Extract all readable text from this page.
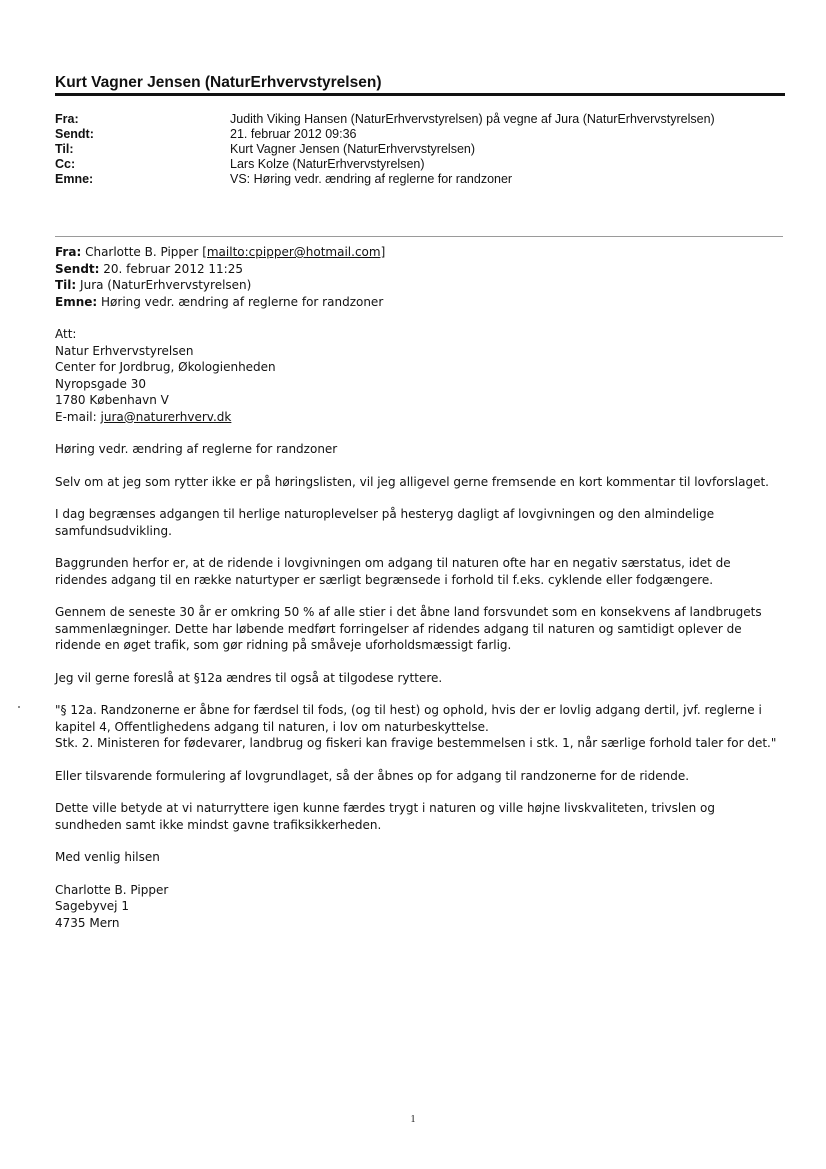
Kurt Vagner Jensen (NaturErhvervstyrelsen)
Fra:	Judith Viking Hansen (NaturErhvervstyrelsen) på vegne af Jura (NaturErhvervstyrelsen)
Sendt:	21. februar 2012 09:36
Til:	Kurt Vagner Jensen (NaturErhvervstyrelsen)
Cc:	Lars Kolze (NaturErhvervstyrelsen)
Emne:	VS: Høring vedr. ændring af reglerne for randzoner

Fra: Charlotte B. Pipper [mailto:cpipper@hotmail.com]

Sendt: 20. februar 2012 11:25

Til: Jura (NaturErhvervstyrelsen)

Emne: Høring vedr. ændring af reglerne for randzoner

Att:

Natur Erhvervstyrelsen

Center for Jordbrug, Økologienheden

Nyropsgade 30

1780 København V

E-mail: jura@naturerhverv.dk

Høring vedr. ændring af reglerne for randzoner

Selv om at jeg som rytter ikke er på høringslisten, vil jeg alligevel gerne fremsende en kort kommentar til lovforslaget.

I dag begrænses adgangen til herlige naturoplevelser på hesteryg dagligt af lovgivningen og den almindelige samfundsudvikling.

Baggrunden herfor er, at de ridende i lovgivningen om adgang til naturen ofte har en negativ særstatus, idet de ridendes adgang til en række naturtyper er særligt begrænsede i forhold til f.eks. cyklende eller fodgængere.

Gennem de seneste 30 år er omkring 50 % af alle stier i det åbne land forsvundet som en konsekvens af landbrugets sammenlægninger. Dette har løbende medført forringelser af ridendes adgang til naturen og samtidigt oplever de ridende en øget trafik, som gør ridning på småveje uforholdsmæssigt farlig.

Jeg vil gerne foreslå at §12a ændres til også at tilgodese ryttere.

"§ 12a. Randzonerne er åbne for færdsel til fods, (og til hest) og ophold, hvis der er lovlig adgang dertil, jvf. reglerne i kapitel 4, Offentlighedens adgang til naturen, i lov om naturbeskyttelse.

Stk. 2. Ministeren for fødevarer, landbrug og fiskeri kan fravige bestemmelsen i stk. 1, når særlige forhold taler for det."

Eller tilsvarende formulering af lovgrundlaget, så der åbnes op for adgang til randzonerne for de ridende.

Dette ville betyde at vi naturryttere igen kunne færdes trygt i naturen og ville højne livskvaliteten, trivslen og sundheden samt ikke mindst gavne trafiksikkerheden.

Med venlig hilsen

Charlotte B. Pipper

Sagebyvej 1

4735 Mern

1
